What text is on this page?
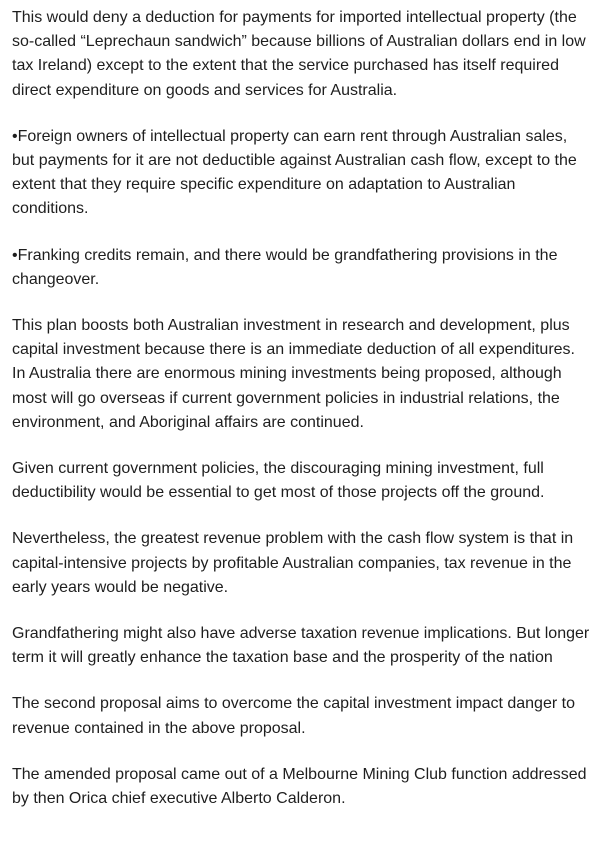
This would deny a deduction for payments for imported intellectual property (the so-called “Leprechaun sandwich” because billions of Australian dollars end in low tax Ireland) except to the extent that the service purchased has itself required direct expenditure on goods and services for Australia.

•Foreign owners of intellectual property can earn rent through Australian sales, but payments for it are not deductible against Australian cash flow, except to the extent that they require specific expenditure on adaptation to Australian conditions.

•Franking credits remain, and there would be grandfathering provisions in the changeover.

This plan boosts both Australian investment in research and development, plus capital investment because there is an immediate deduction of all expenditures. In Australia there are enormous mining investments being proposed, although most will go overseas if current government policies in industrial relations, the environment, and Aboriginal affairs are continued.

Given current government policies, the discouraging mining investment, full deductibility would be essential to get most of those projects off the ground.

Nevertheless, the greatest revenue problem with the cash flow system is that in capital-intensive projects by profitable Australian companies, tax revenue in the early years would be negative.

Grandfathering might also have adverse taxation revenue implications. But longer term it will greatly enhance the taxation base and the prosperity of the nation

The second proposal aims to overcome the capital investment impact danger to revenue contained in the above proposal.

The amended proposal came out of a Melbourne Mining Club function addressed by then Orica chief executive Alberto Calderon.
